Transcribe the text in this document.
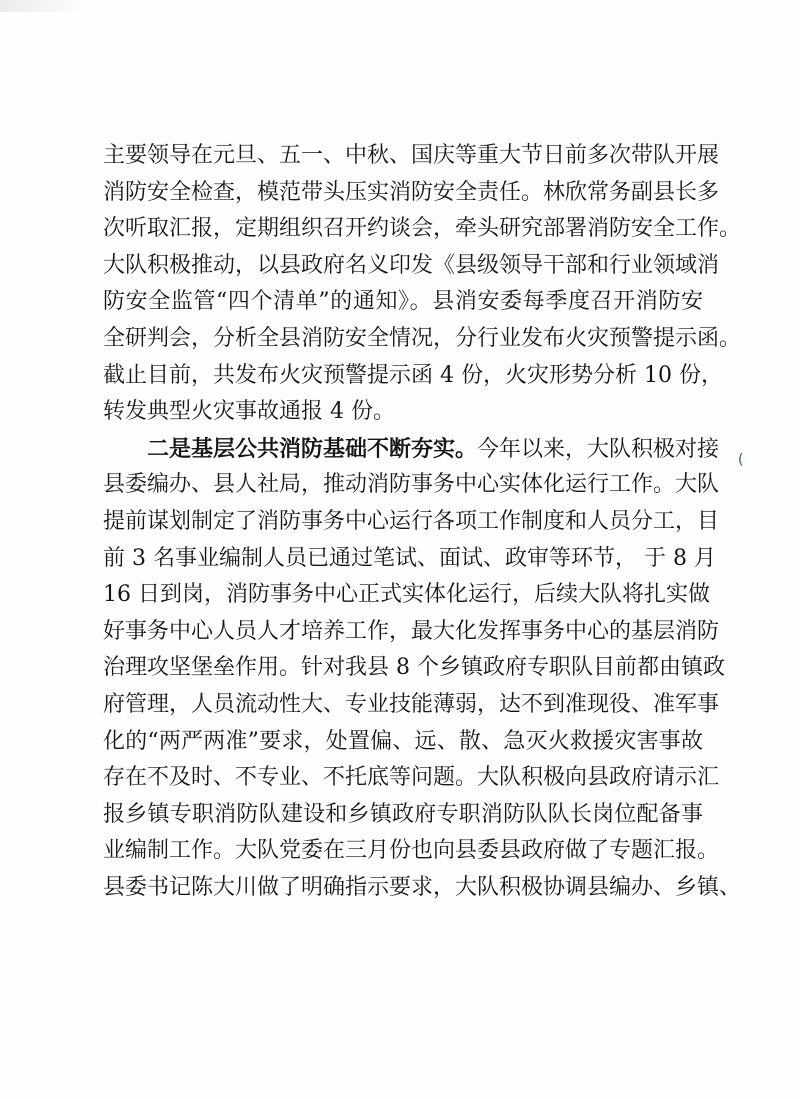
主要领导在元旦、五一、中秋、国庆等重大节日前多次带队开展
消防安全检查，模范带头压实消防安全责任。林欣常务副县长多
次听取汇报，定期组织召开约谈会，牵头研究部署消防安全工作。
大队积极推动，以县政府名义印发《县级领导干部和行业领域消
防安全监管“四个清单”的通知》。县消安委每季度召开消防安
全研判会，分析全县消防安全情况，分行业发布火灾预警提示函。
截止目前，共发布火灾预警提示函 4 份，火灾形势分析 10 份，
转发典型火灾事故通报 4 份。
二是基层公共消防基础不断夯实。今年以来，大队积极对接
县委编办、县人社局，推动消防事务中心实体化运行工作。大队
提前谋划制定了消防事务中心运行各项工作制度和人员分工，目
前 3 名事业编制人员已通过笔试、面试、政审等环节， 于 8 月
16 日到岗，消防事务中心正式实体化运行，后续大队将扎实做
好事务中心人员人才培养工作，最大化发挥事务中心的基层消防
治理攻坚堡垒作用。针对我县 8 个乡镇政府专职队目前都由镇政
府管理，人员流动性大、专业技能薄弱，达不到准现役、准军事
化的“两严两准”要求，处置偏、远、散、急灭火救援灾害事故
存在不及时、不专业、不托底等问题。大队积极向县政府请示汇
报乡镇专职消防队建设和乡镇政府专职消防队队长岗位配备事
业编制工作。大队党委在三月份也向县委县政府做了专题汇报。
县委书记陈大川做了明确指示要求，大队积极协调县编办、乡镇、
(
